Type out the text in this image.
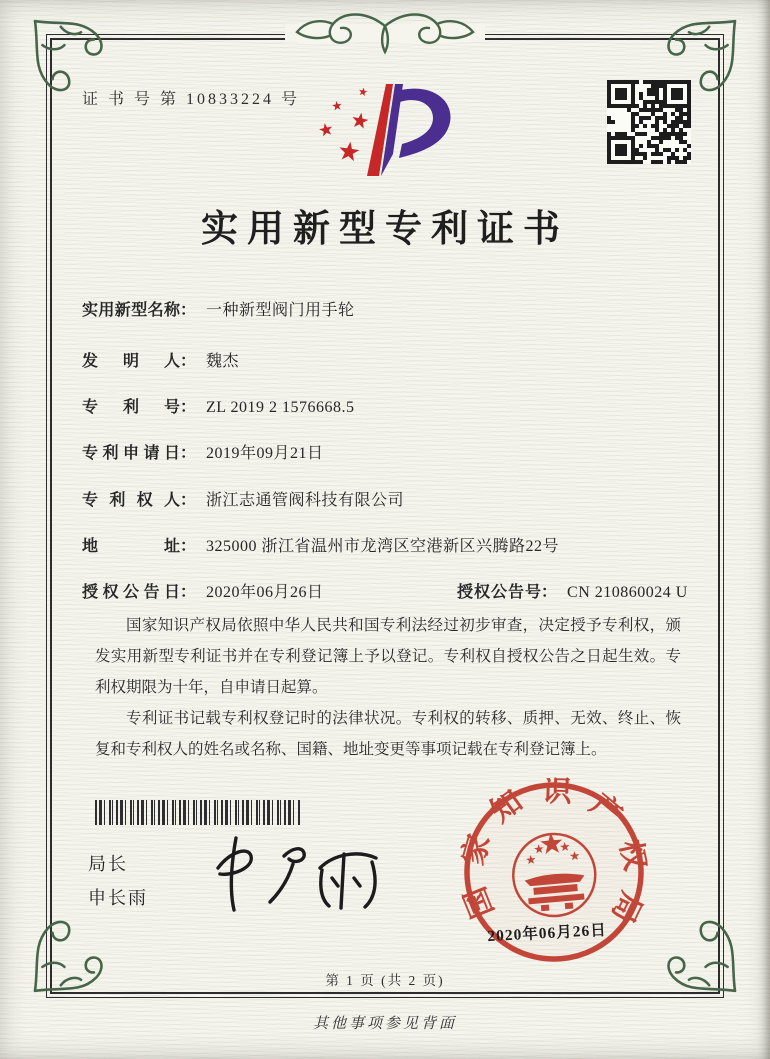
证 书 号 第 10833224 号
实用新型专利证书
实用新型名称： 一种新型阀门用手轮
发明人： 魏杰
专利号： ZL 2019 2 1576668.5
专利申请日： 2019年09月21日
专利权人： 浙江志通管阀科技有限公司
地址： 325000 浙江省温州市龙湾区空港新区兴腾路22号
授权公告日： 2020年06月26日	授权公告号： CN 210860024 U

国家知识产权局依照中华人民共和国专利法经过初步审查，决定授予专利权，颁发实用新型专利证书并在专利登记簿上予以登记。专利权自授权公告之日起生效。专利权期限为十年，自申请日起算。

专利证书记载专利权登记时的法律状况。专利权的转移、质押、无效、终止、恢复和专利权人的姓名或名称、国籍、地址变更等事项记载在专利登记簿上。

局长
申长雨	国家知识产权局
2020年06月26日
第 1 页 (共 2 页)
其他事项参见背面
